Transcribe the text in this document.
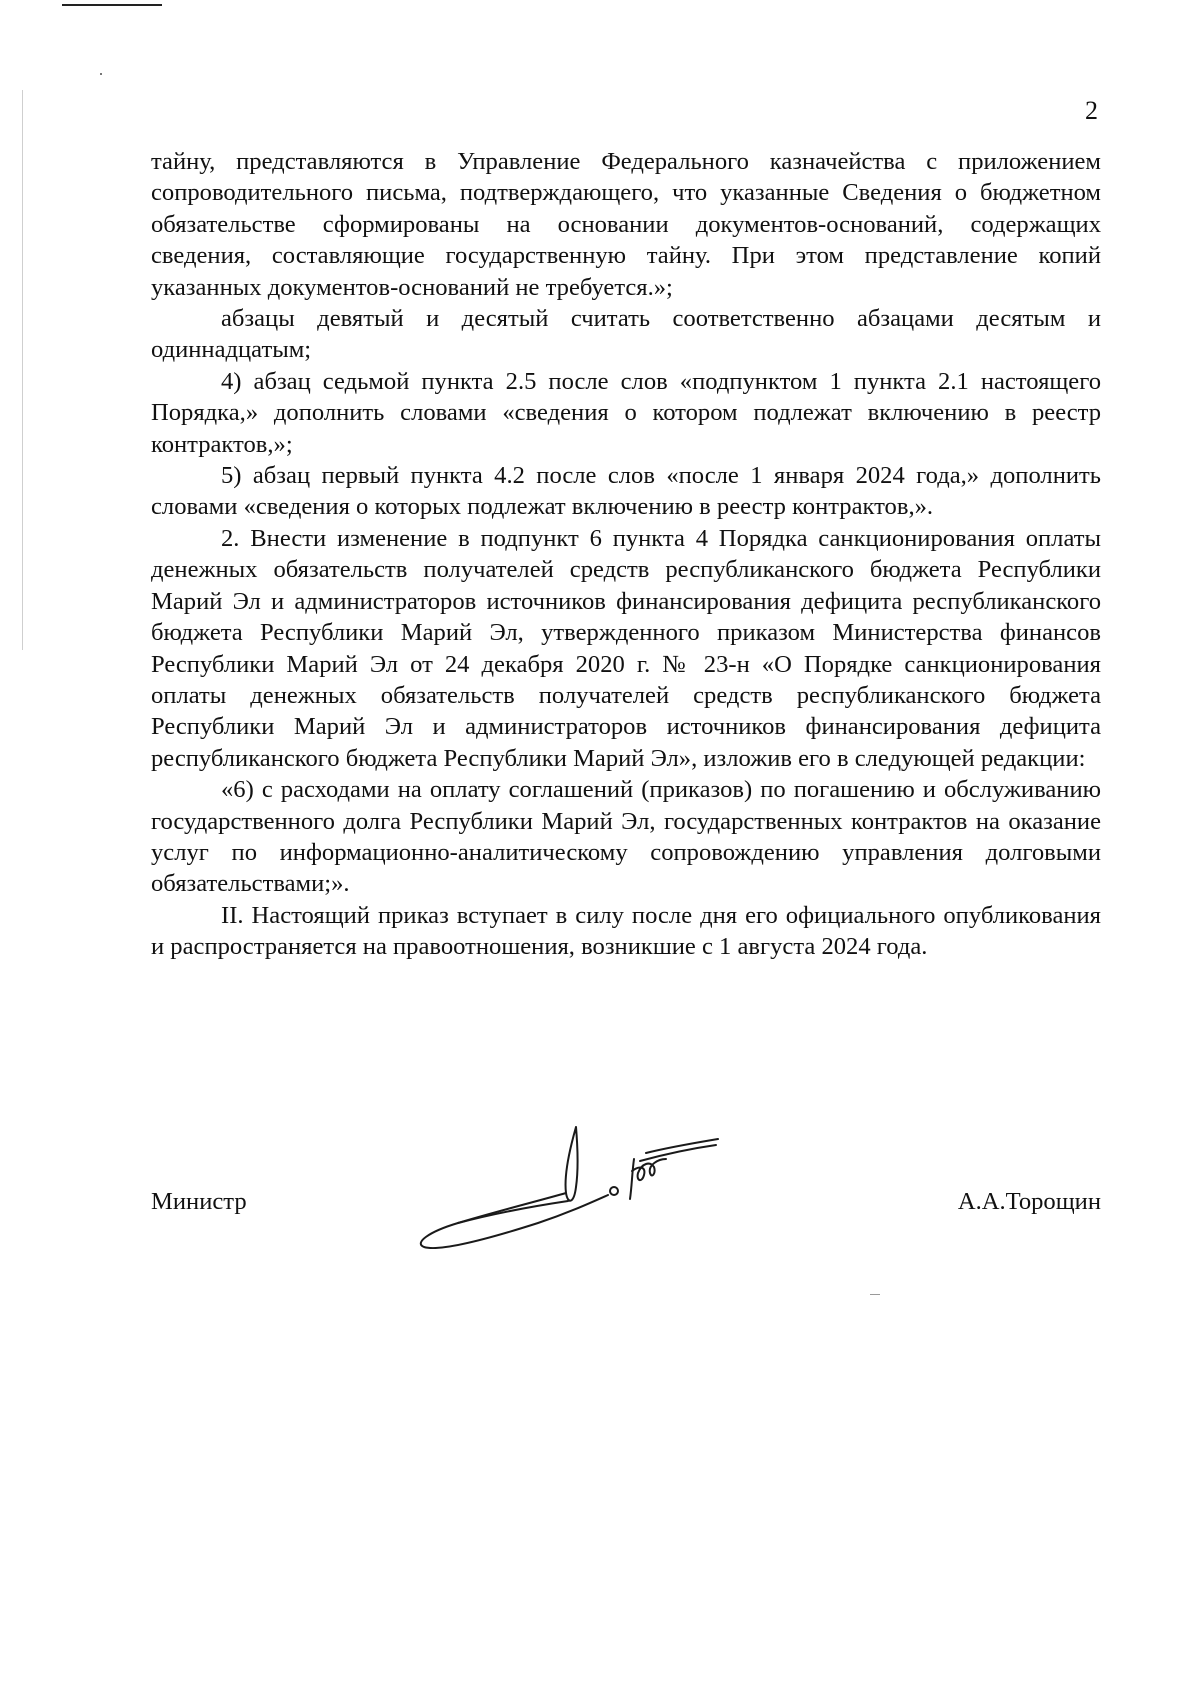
2

тайну, представляются в Управление Федерального казначейства с приложением сопроводительного письма, подтверждающего, что указанные Сведения о бюджетном обязательстве сформированы на основании документов-оснований, содержащих сведения, составляющие государственную тайну. При этом представление копий указанных документов-оснований не требуется.»;

абзацы девятый и десятый считать соответственно абзацами десятым и одиннадцатым;

4) абзац седьмой пункта 2.5 после слов «подпунктом 1 пункта 2.1 настоящего Порядка,» дополнить словами «сведения о котором подлежат включению в реестр контрактов,»;

5) абзац первый пункта 4.2 после слов «после 1 января 2024 года,» дополнить словами «сведения о которых подлежат включению в реестр контрактов,».

2. Внести изменение в подпункт 6 пункта 4 Порядка санкционирования оплаты денежных обязательств получателей средств республиканского бюджета Республики Марий Эл и администраторов источников финансирования дефицита республиканского бюджета Республики Марий Эл, утвержденного приказом Министерства финансов Республики Марий Эл от 24 декабря 2020 г. № 23-н «О Порядке санкционирования оплаты денежных обязательств получателей средств республиканского бюджета Республики Марий Эл и администраторов источников финансирования дефицита республиканского бюджета Республики Марий Эл», изложив его в следующей редакции:

«6) с расходами на оплату соглашений (приказов) по погашению и обслуживанию государственного долга Республики Марий Эл, государственных контрактов на оказание услуг по информационно-аналитическому сопровождению управления долговыми обязательствами;».

II. Настоящий приказ вступает в силу после дня его официального опубликования и распространяется на правоотношения, возникшие с 1 августа 2024 года.

Министр	А.А.Торощин
